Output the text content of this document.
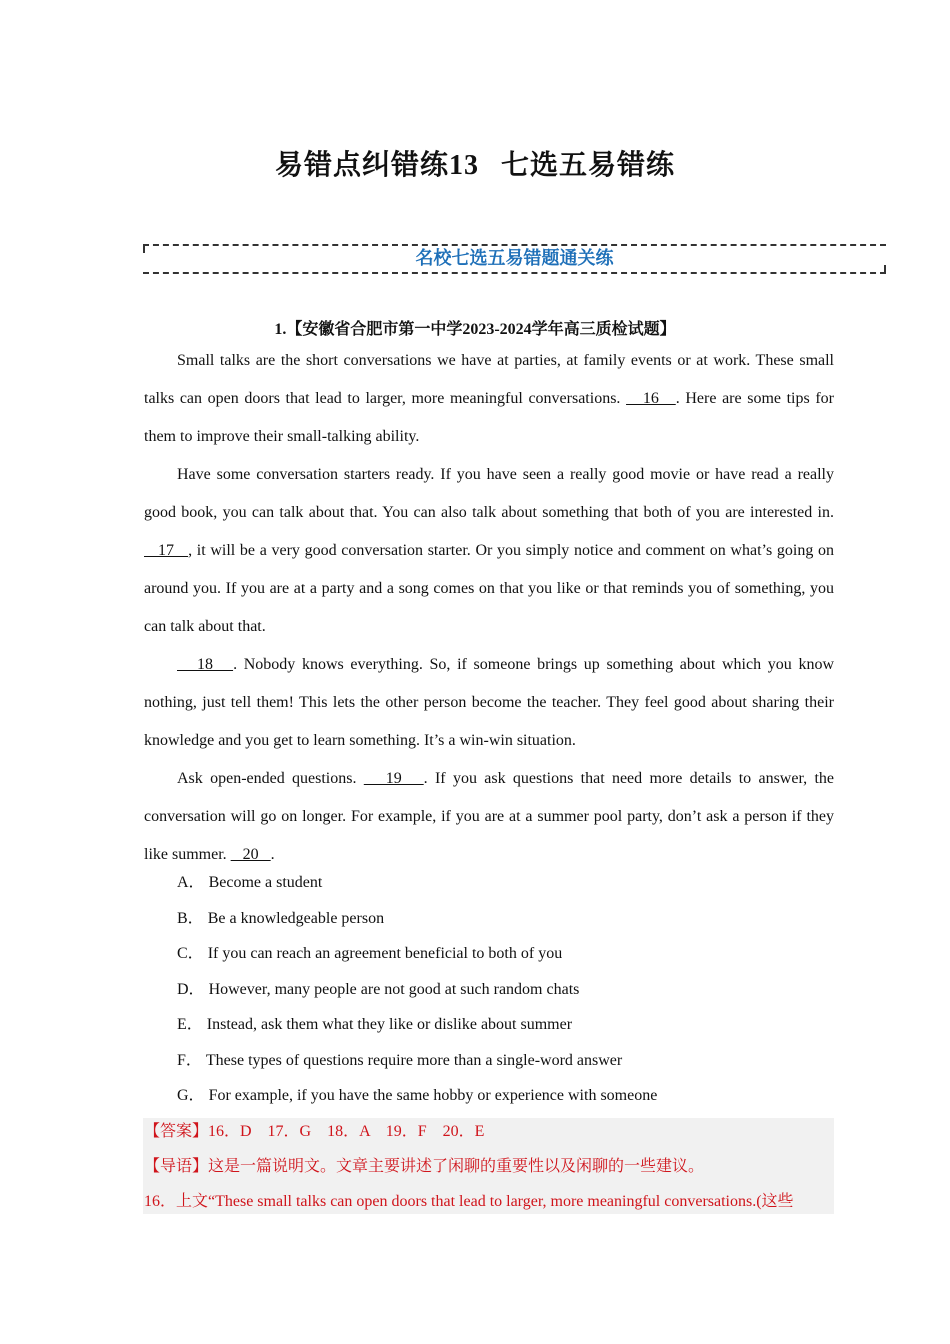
易错点纠错练13 七选五易错练
名校七选五易错题通关练
1.【安徽省合肥市第一中学2023-2024学年高三质检试题】

Small talks are the short conversations we have at parties, at family events or at work. These small talks can open doors that lead to larger, more meaningful conversations.    16   . Here are some tips for them to improve their small-talking ability.

Have some conversation starters ready. If you have seen a really good movie or have read a really good book, you can talk about that. You can also talk about something that both of you are interested in.    17   , it will be a very good conversation starter. Or you simply notice and comment on what’s going on around you. If you are at a party and a song comes on that you like or that reminds you of something, you can talk about that.

18   . Nobody knows everything. So, if someone brings up something about which you know nothing, just tell them! This lets the other person become the teacher. They feel good about sharing their knowledge and you get to learn something. It’s a win-win situation.

Ask open-ended questions.    19   . If you ask questions that need more details to answer, the conversation will go on longer. For example, if you are at a summer pool party, don’t ask a person if they like summer.    20   .

A． Become a student
B． Be a knowledgeable person
C． If you can reach an agreement beneficial to both of you
D． However, many people are not good at such random chats
E． Instead, ask them what they like or dislike about summer
F． These types of questions require more than a single-word answer
G． For example, if you have the same hobby or experience with someone
【答案】16．D　17．G　18．A　19．F　20．E
【导语】这是一篇说明文。文章主要讲述了闲聊的重要性以及闲聊的一些建议。
16．上文“These small talks can open doors that lead to larger, more meaningful conversations.(这些
